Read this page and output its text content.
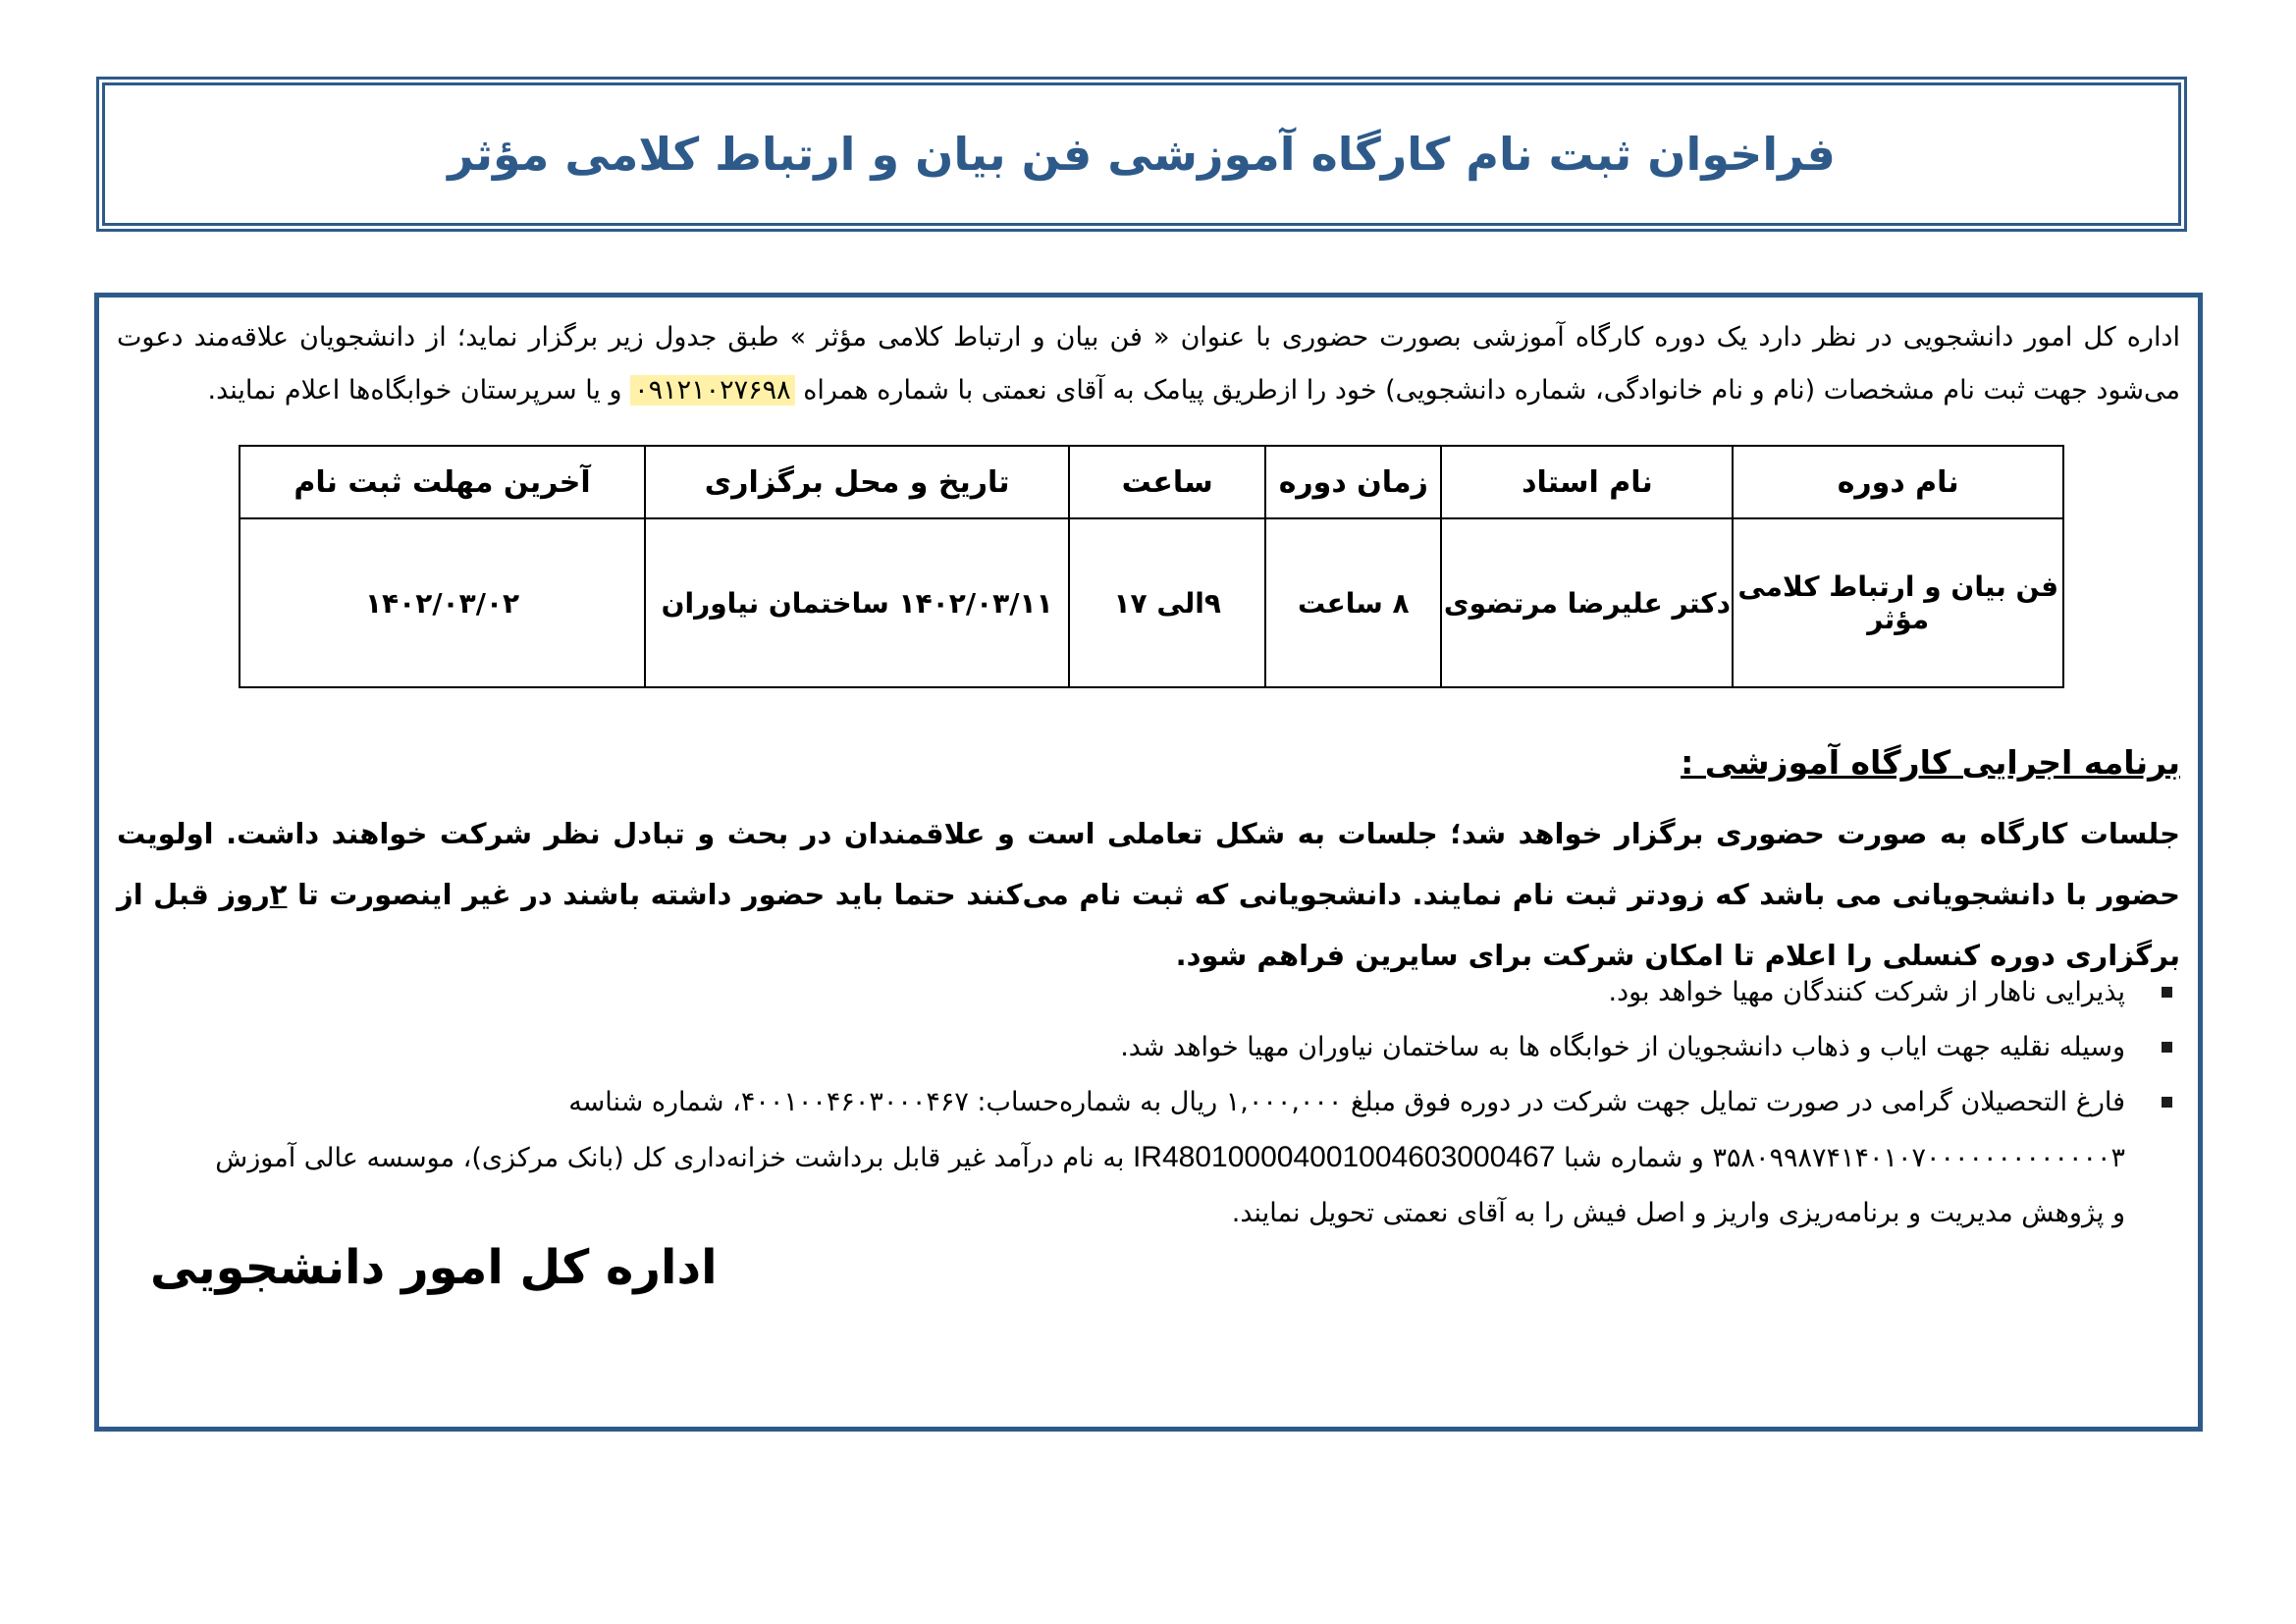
فراخوان ثبت نام کارگاه آموزشی فن بیان و ارتباط کلامی مؤثر
اداره کل امور دانشجویی در نظر دارد یک دوره کارگاه آموزشی بصورت حضوری با عنوان « فن بیان و ارتباط کلامی مؤثر » طبق جدول زیر برگزار نماید؛ از دانشجویان علاقه‌مند دعوت می‌شود جهت ثبت نام مشخصات (نام و نام خانوادگی، شماره دانشجویی) خود را ازطریق پیامک به آقای نعمتی با شماره همراه ۰۹۱۲۱۰۲۷۶۹۸ و یا سرپرستان خوابگاه‌ها اعلام نمایند.
نام دوره	نام استاد	زمان دوره	ساعت	تاریخ و محل برگزاری	آخرین مهلت ثبت نام
فن بیان و ارتباط کلامی مؤثر	دکتر علیرضا مرتضوی	۸ ساعت	۹الی ۱۷	۱۴۰۲/۰۳/۱۱ ساختمان نیاوران	۱۴۰۲/۰۳/۰۲
برنامه اجرایی کارگاه آموزشی :
جلسات کارگاه به صورت حضوری برگزار خواهد شد؛ جلسات به شکل تعاملی است و علاقمندان در بحث و تبادل نظر شرکت خواهند داشت. اولویت حضور با دانشجویانی می باشد که زودتر ثبت نام نمایند. دانشجویانی که ثبت نام می‌کنند حتما باید حضور داشته باشند در غیر اینصورت تا ۲روز قبل از برگزاری دوره کنسلی را اعلام تا امکان شرکت برای سایرین فراهم شود.
پذیرایی ناهار از شرکت کنندگان مهیا خواهد بود.
وسیله نقلیه جهت ایاب و ذهاب دانشجویان از خوابگاه ها به ساختمان نیاوران مهیا خواهد شد.
فارغ التحصیلان گرامی در صورت تمایل جهت شرکت در دوره فوق مبلغ ۱,۰۰۰,۰۰۰ ریال به شماره‌حساب: ۴۰۰۱۰۰۴۶۰۳۰۰۰۴۶۷، شماره شناسه ۳۵۸۰۹۹۸۷۴۱۴۰۱۰۷۰۰۰۰۰۰۰۰۰۰۰۰۰۳ و شماره شبا IR480100004001004603000467 به نام درآمد غیر قابل برداشت خزانه‌داری کل (بانک مرکزی)، موسسه عالی آموزش و پژوهش مدیریت و برنامه‌ریزی واریز و اصل فیش را به آقای نعمتی تحویل نمایند.
اداره کل امور دانشجویی
